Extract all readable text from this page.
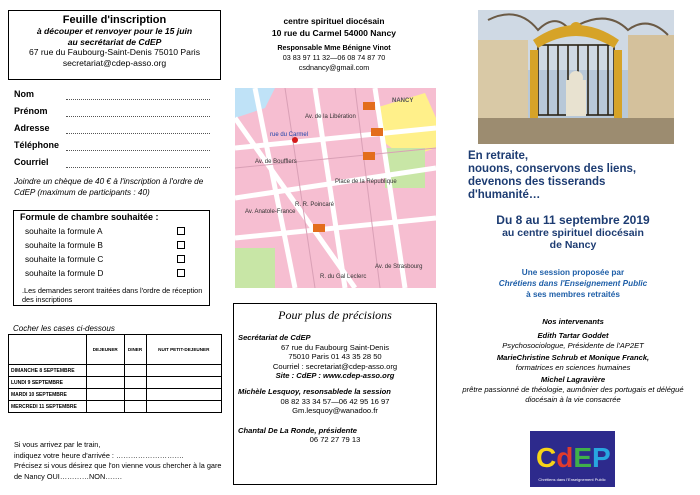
Feuille d'inscription

à découper et renvoyer pour le 15 juin

au secrétariat de CdEP

67 rue du Faubourg-Saint-Denis 75010 Paris

secretariat@cdep-asso.org

Nom
Prénom
Adresse
Téléphone
Courriel
Joindre un chèque de 40 € à l'inscription à l'ordre de CdEP (maximum de participants : 40)
Formule de chambre souhaitée :
souhaite la formule A
souhaite la formule B
souhaite la formule C
souhaite la formule D
.Les demandes seront traitées dans l'ordre de réception des inscriptions
Cocher les cases ci-dessous
	DEJEUNER	DINER	NUIT PETIT-DEJEUNER
DIMANCHE 8 SEPTEMBRE			
LUNDI 9 SEPTEMBRE			
MARDI 10 SEPTEMBRE			
MERCREDI 11 SEPTEMBRE			
Si vous arrivez par le train,
indiquez votre heure d'arrivée : ……………………….
Précisez si vous désirez que l'on vienne vous chercher à la gare de Nancy OUI…………NON…….
centre spirituel diocésain
10 rue du Carmel 54000 Nancy
Responsable Mme Bénigne Vinot
03 83 97 11 32—06 08 74 87 70
csdnancy@gmail.com
NANCY
Place de la République
rue du Carmel
Av. de la Libération
Av. de Boufflers
Av. Anatole-France
R. R. Poincaré
Av. de Strasbourg
R. du Gal Leclerc
Pour plus de précisions
Secrétariat de CdEP
67 rue du Faubourg Saint-Denis
75010 Paris 01 43 35 28 50
Courriel : secretariat@cdep-asso.org
Site : CdEP : www.cdep-asso.org
Michèle Lesquoy, resonsablede la session
08 82 33 34 57—06 42 95 16 97
Gm.lesquoy@wanadoo.fr
Chantal De La Ronde, présidente
06 72 27 79 13
En retraite,
nouons, conservons des liens,
devenons des tisserands
d'humanité…
Du 8 au 11 septembre 2019
au centre spirituel diocésain
de Nancy
Une session proposée par
Chrétiens dans l'Enseignement Public
à ses membres retraités
Nos intervenants
Edith Tartar Goddet
Psychosociologue, Présidente de l'AP2ET
MarieChristine Schrub et Monique Franck,
formatrices en sciences humaines
Michel Lagravière
prêtre passionné de théologie, aumônier des portugais et délégué diocésain à la vie consacrée
CdEP
Chrétiens dans l'Enseignement Public
